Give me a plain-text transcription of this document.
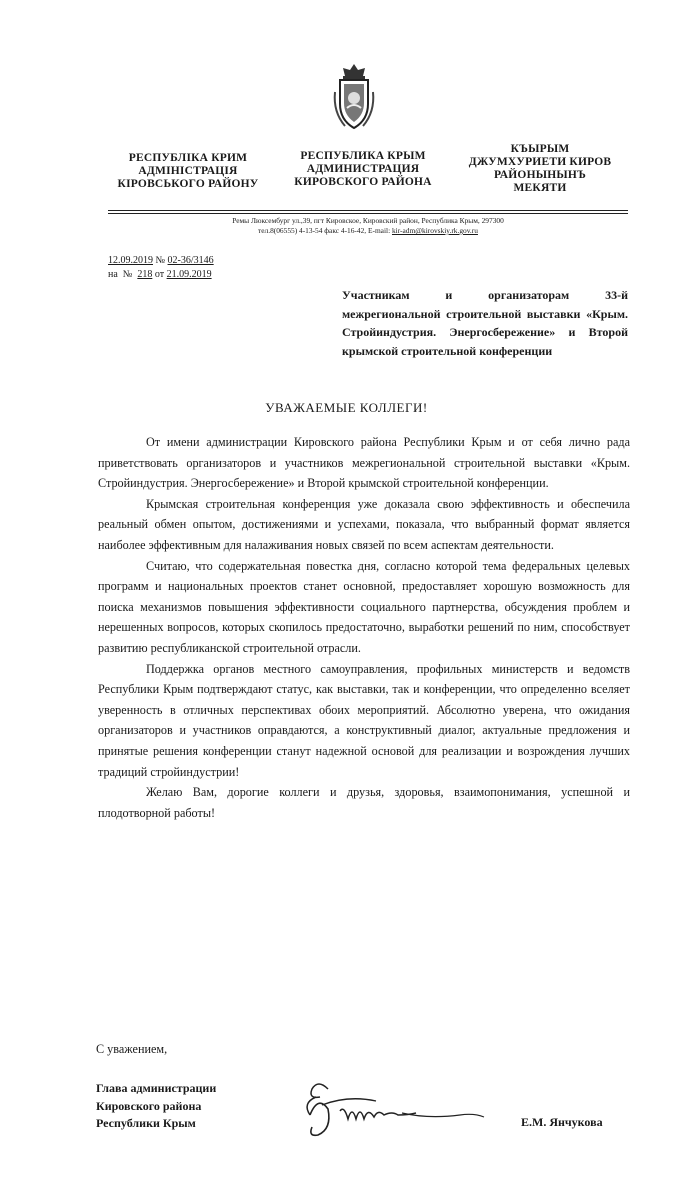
РЕСПУБЛІКА КРИМ
АДМІНІСТРАЦІЯ
КІРОВСЬКОГО РАЙОНУ
РЕСПУБЛИКА КРЫМ
АДМИНИСТРАЦИЯ
КИРОВСКОГО РАЙОНА
КЪЫРЫМ
ДЖУМХУРИЕТИ КИРОВ
РАЙОНЫНЫНЪ
МЕКЯТИ
Ремы Люксембург ул.,39, пгт Кировское, Кировский район, Республика Крым, 297300
тел.8(06555) 4-13-54 факс 4-16-42, E-mail: kir-adm@kirovskiy.rk.gov.ru
12.09.2019 № 02-36/3146
на № 218 от 21.09.2019
Участникам и организаторам 33-й межрегиональной строительной выставки «Крым. Стройиндустрия. Энергосбережение» и Второй крымской строительной конференции
УВАЖАЕМЫЕ КОЛЛЕГИ!

От имени администрации Кировского района Республики Крым и от себя лично рада приветствовать организаторов и участников межрегиональной строительной выставки «Крым. Стройиндустрия. Энергосбережение» и Второй крымской строительной конференции.

Крымская строительная конференция уже доказала свою эффективность и обеспечила реальный обмен опытом, достижениями и успехами, показала, что выбранный формат является наиболее эффективным для налаживания новых связей по всем аспектам деятельности.

Считаю, что содержательная повестка дня, согласно которой тема федеральных целевых программ и национальных проектов станет основной, предоставляет хорошую возможность для поиска механизмов повышения эффективности социального партнерства, обсуждения проблем и нерешенных вопросов, которых скопилось предостаточно, выработки решений по ним, способствует развитию республиканской строительной отрасли.

Поддержка органов местного самоуправления, профильных министерств и ведомств Республики Крым подтверждают статус, как выставки, так и конференции, что определенно вселяет уверенность в отличных перспективах обоих мероприятий. Абсолютно уверена, что ожидания организаторов и участников оправдаются, а конструктивный диалог, актуальные предложения и принятые решения конференции станут надежной основой для реализации и возрождения лучших традиций стройиндустрии!

Желаю Вам, дорогие коллеги и друзья, здоровья, взаимопонимания, успешной и плодотворной работы!

С уважением,
Глава администрации
Кировского района
Республики Крым	Е.М. Янчукова
